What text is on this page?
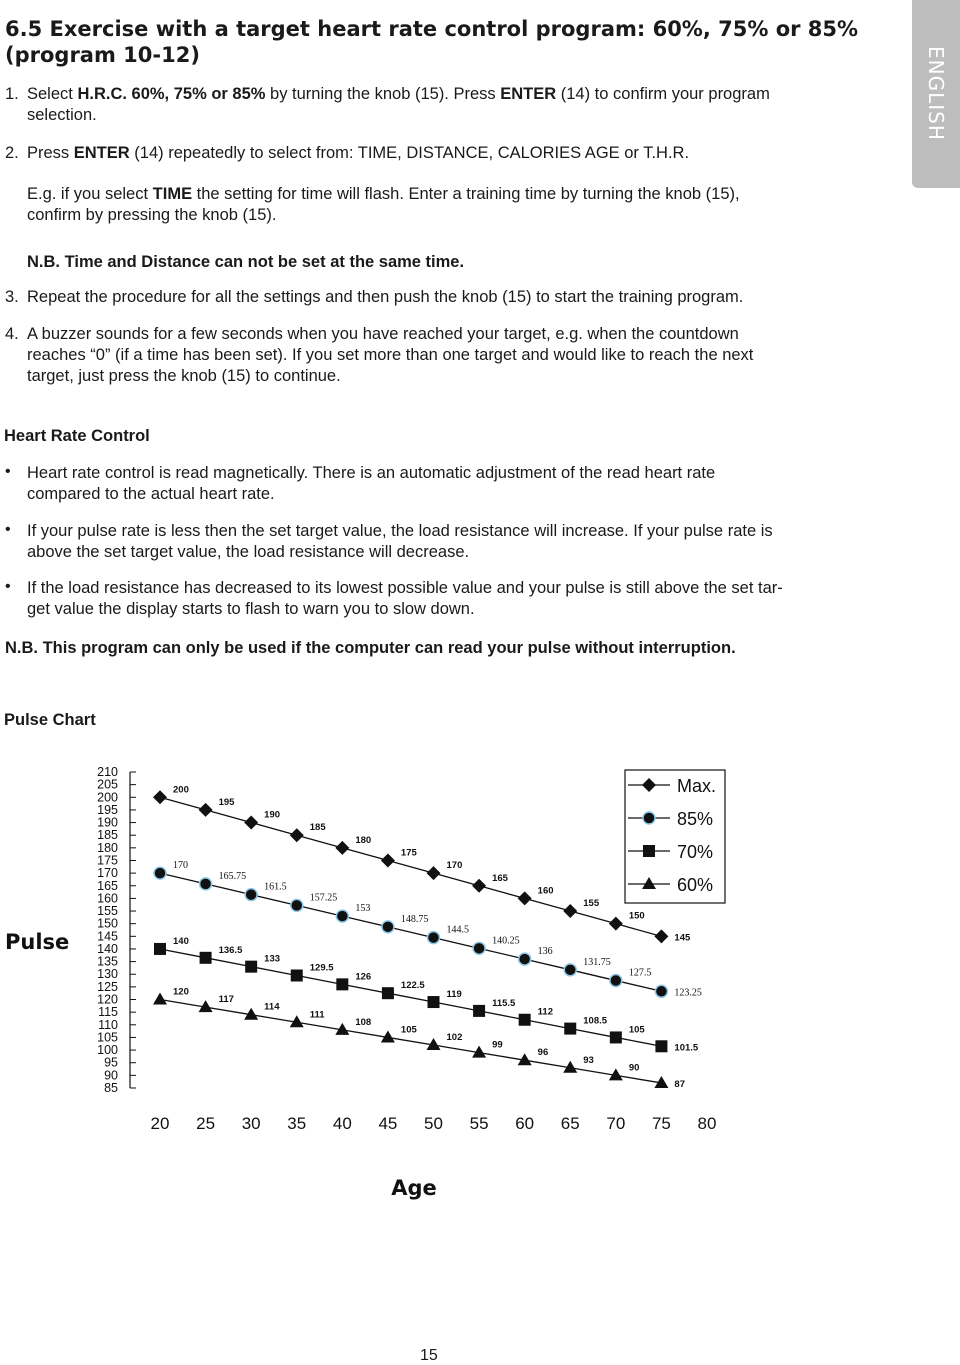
6.5 Exercise with a target heart rate control program: 60%, 75% or 85%
(program 10-12)	ENGLISH

1. Select H.R.C. 60%, 75% or 85% by turning the knob (15). Press ENTER (14) to confirm your program
selection.

2. Press ENTER (14) repeatedly to select from: TIME, DISTANCE, CALORIES AGE or T.H.R.

E.g. if you select TIME the setting for time will flash. Enter a training time by turning the knob (15),
confirm by pressing the knob (15).

N.B. Time and Distance can not be set at the same time.

3. Repeat the procedure for all the settings and then push the knob (15) to start the training program.

4. A buzzer sounds for a few seconds when you have reached your target, e.g. when the countdown
reaches “0” (if a time has been set). If you set more than one target and would like to reach the next
target, just press the knob (15) to continue.

Heart Rate Control
• Heart rate control is read magnetically. There is an automatic adjustment of the read heart rate
compared to the actual heart rate.

• If your pulse rate is less then the set target value, the load resistance will increase. If your pulse rate is
above the set target value, the load resistance will decrease.

• If the load resistance has decreased to its lowest possible value and your pulse is still above the set tar-
get value the display starts to flash to warn you to slow down.

N.B. This program can only be used if the computer can read your pulse without interruption.

Pulse Chart
210
205
200
195
190
185
180
175
170
165
160
155
150
145
140
135
130
125
120
115
110
105
100
95
90
85
20 25 30 35 40 45 50 55 60 65 70 75 80
Pulse
Age
200
195
190
185
180
175
170
165
160
155
150
145
170
165.75
161.5
157.25
153
148.75
144.5
140.25
136
131.75
127.5
123.25
140
136.5
133
129.5
126
122.5
119
115.5
112
108.5
105
101.5
120
117
114
111
108
105
102
99
96
93
90
87
Max.
85%
70%
60%
15
